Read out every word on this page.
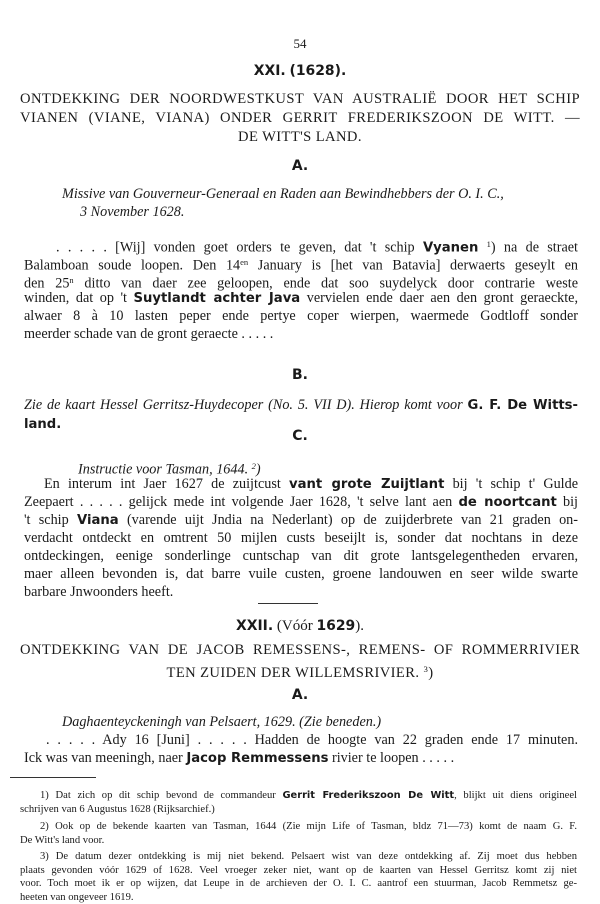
54
XXI. (1628).
ONTDEKKING DER NOORDWESTKUST VAN AUSTRALIË DOOR HET SCHIP
VIANEN (VIANE, VIANA) ONDER GERRIT FREDERIKSZOON DE WITT. —
DE WITT'S LAND.
A.
Missive van Gouverneur-Generaal en Raden aan Bewindhebbers der O. I. C.,
3 November 1628.
. . . . . [Wij] vonden goet orders te geven, dat 't schip Vyanen $^1$) na de straet
Balamboan soude loopen. Den $14^{en}$ January is [het van Batavia] derwaerts geseylt en
den 25$^n$ ditto van daer zee geloopen, ende dat soo suydelyck door contrarie weste
winden, dat op 't Suytlandt achter Java vervielen ende daer aen den gront geraeckte,
alwaer 8 à 10 lasten peper ende pertye coper wierpen, waermede Godtloff sonder
meerder schade van de gront geraecte . . . . .
B.
Zie de kaart Hessel Gerritsz-Huydecoper (No. 5. VII D). Hierop komt voor G. F. De Witts-land.
C.
Instructie voor Tasman, 1644. $^2$)
En interum int Jaer 1627 de zuijtcust vant grote Zuijtlant bij 't schip t' Gulde
Zeepaert . . . . . gelijck mede int volgende Jaer 1628, 't selve lant aen de noortcant bij
't schip Viana (varende uijt Jndia na Nederlant) op de zuijderbrete van 21 graden on-
verdacht ontdeckt en omtrent 50 mijlen custs beseijlt is, sonder dat nochtans in deze
ontdeckingen, eenige sonderlinge cuntschap van dit grote lantsgelegentheden ervaren,
maer alleen bevonden is, dat barre vuile custen, groene landouwen en seer wilde swarte
barbare Jnwoonders heeft.
XXII. (Vóór 1629).
ONTDEKKING VAN DE JACOB REMESSENS-, REMENS- OF ROMMERRIVIER
TEN ZUIDEN DER WILLEMSRIVIER. $^3$)
A.
Daghaenteyckeningh van Pelsaert, 1629. (Zie beneden.)
. . . . . Ady 16 [Juni] . . . . . Hadden de hoogte van 22 graden ende 17 minuten.
Ick was van meeningh, naer Jacop Remmessens rivier te loopen . . . . .
1) Dat zich op dit schip bevond de commandeur Gerrit Frederikszoon De Witt, blijkt uit diens origineel
schrijven van 6 Augustus 1628 (Rijksarchief.)
2) Ook op de bekende kaarten van Tasman, 1644 (Zie mijn Life of Tasman, bldz 71—73) komt de naam G. F.
De Witt's land voor.
3) De datum dezer ontdekking is mij niet bekend. Pelsaert wist van deze ontdekking af. Zij moet dus hebben
plaats gevonden vóór 1629 of 1628. Veel vroeger zeker niet, want op de kaarten van Hessel Gerritsz komt zij niet
voor. Toch moet ik er op wijzen, dat Leupe in de archieven der O. I. C. aantrof een stuurman, Jacob Remmetsz ge-
heeten van ongeveer 1619.
